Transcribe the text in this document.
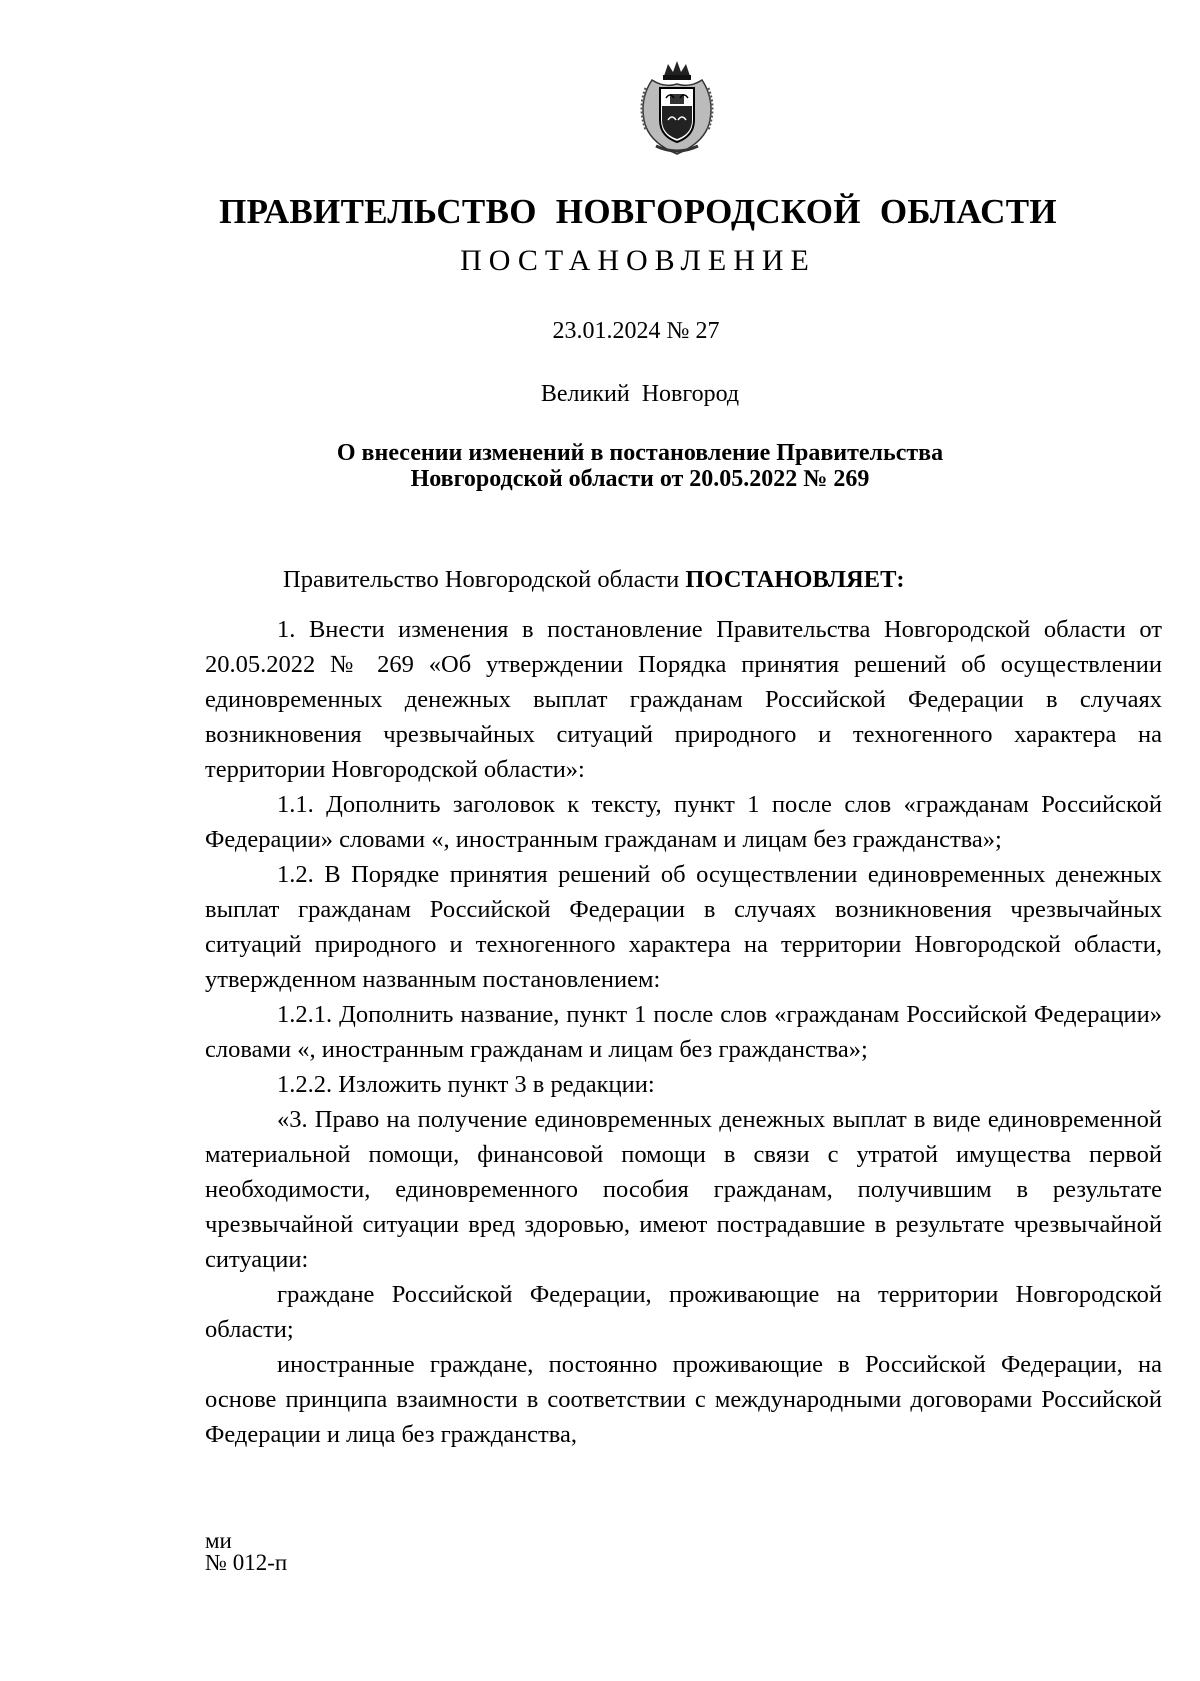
ПРАВИТЕЛЬСТВО НОВГОРОДСКОЙ ОБЛАСТИ
ПОСТАНОВЛЕНИЕ
23.01.2024 № 27
Великий Новгород
О внесении изменений в постановление Правительства
Новгородской области от 20.05.2022 № 269

Правительство Новгородской области ПОСТАНОВЛЯЕТ:

1. Внести изменения в постановление Правительства Новгородской области от 20.05.2022 № 269 «Об утверждении Порядка принятия решений об осуществлении единовременных денежных выплат гражданам Российской Федерации в случаях возникновения чрезвычайных ситуаций природного и техногенного характера на территории Новгородской области»:

1.1. Дополнить заголовок к тексту, пункт 1 после слов «гражданам Российской Федерации» словами «, иностранным гражданам и лицам без гражданства»;

1.2. В Порядке принятия решений об осуществлении единовременных денежных выплат гражданам Российской Федерации в случаях возникновения чрезвычайных ситуаций природного и техногенного характера на территории Новгородской области, утвержденном названным постановлением:

1.2.1. Дополнить название, пункт 1 после слов «гражданам Российской Федерации» словами «, иностранным гражданам и лицам без гражданства»;

1.2.2. Изложить пункт 3 в редакции:

«3. Право на получение единовременных денежных выплат в виде единовременной материальной помощи, финансовой помощи в связи с утратой имущества первой необходимости, единовременного пособия гражданам, получившим в результате чрезвычайной ситуации вред здоровью, имеют пострадавшие в результате чрезвычайной ситуации:

граждане Российской Федерации, проживающие на территории Новгородской области;

иностранные граждане, постоянно проживающие в Российской Федерации, на основе принципа взаимности в соответствии с международными договорами Российской Федерации и лица без гражданства,

ми
№ 012-п
